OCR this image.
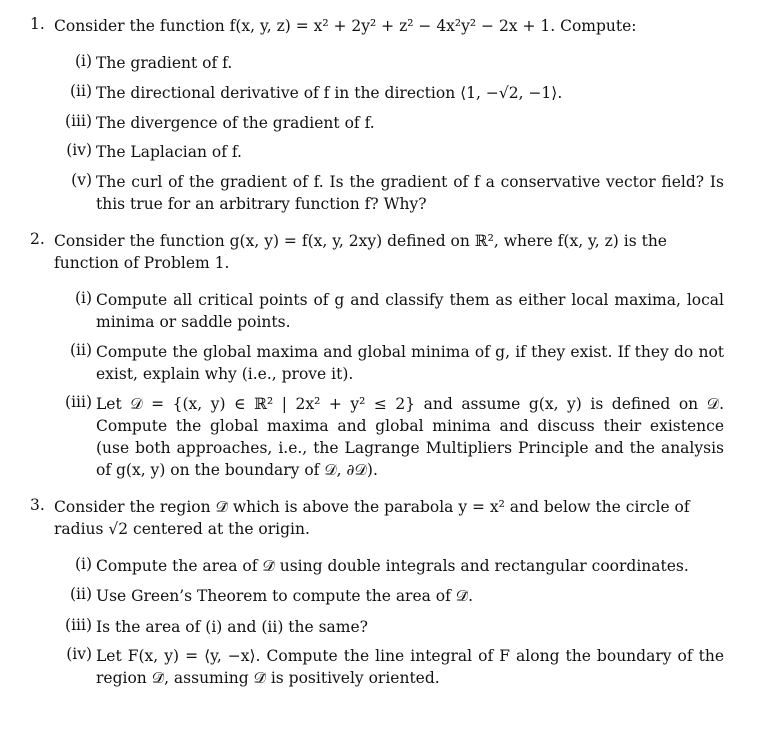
1. Consider the function f(x, y, z) = x² + 2y² + z² − 4x²y² − 2x + 1. Compute:
(i) The gradient of f.
(ii) The directional derivative of f in the direction ⟨1, −√2, −1⟩.
(iii) The divergence of the gradient of f.
(iv) The Laplacian of f.
(v) The curl of the gradient of f. Is the gradient of f a conservative vector field? Is this true for an arbitrary function f? Why?
2. Consider the function g(x, y) = f(x, y, 2xy) defined on ℝ², where f(x, y, z) is the function of Problem 1.
(i) Compute all critical points of g and classify them as either local maxima, local minima or saddle points.
(ii) Compute the global maxima and global minima of g, if they exist. If they do not exist, explain why (i.e., prove it).
(iii) Let 𝒟 = {(x, y) ∈ ℝ² | 2x² + y² ≤ 2} and assume g(x, y) is defined on 𝒟. Compute the global maxima and global minima and discuss their existence (use both approaches, i.e., the Lagrange Multipliers Principle and the analysis of g(x, y) on the boundary of 𝒟, ∂𝒟).
3. Consider the region 𝒟̃ which is above the parabola y = x² and below the circle of radius √2 centered at the origin.
(i) Compute the area of 𝒟̃ using double integrals and rectangular coordinates.
(ii) Use Green’s Theorem to compute the area of 𝒟̃.
(iii) Is the area of (i) and (ii) the same?
(iv) Let F(x, y) = ⟨y, −x⟩. Compute the line integral of F along the boundary of the region 𝒟̃, assuming 𝒟̃ is positively oriented.
